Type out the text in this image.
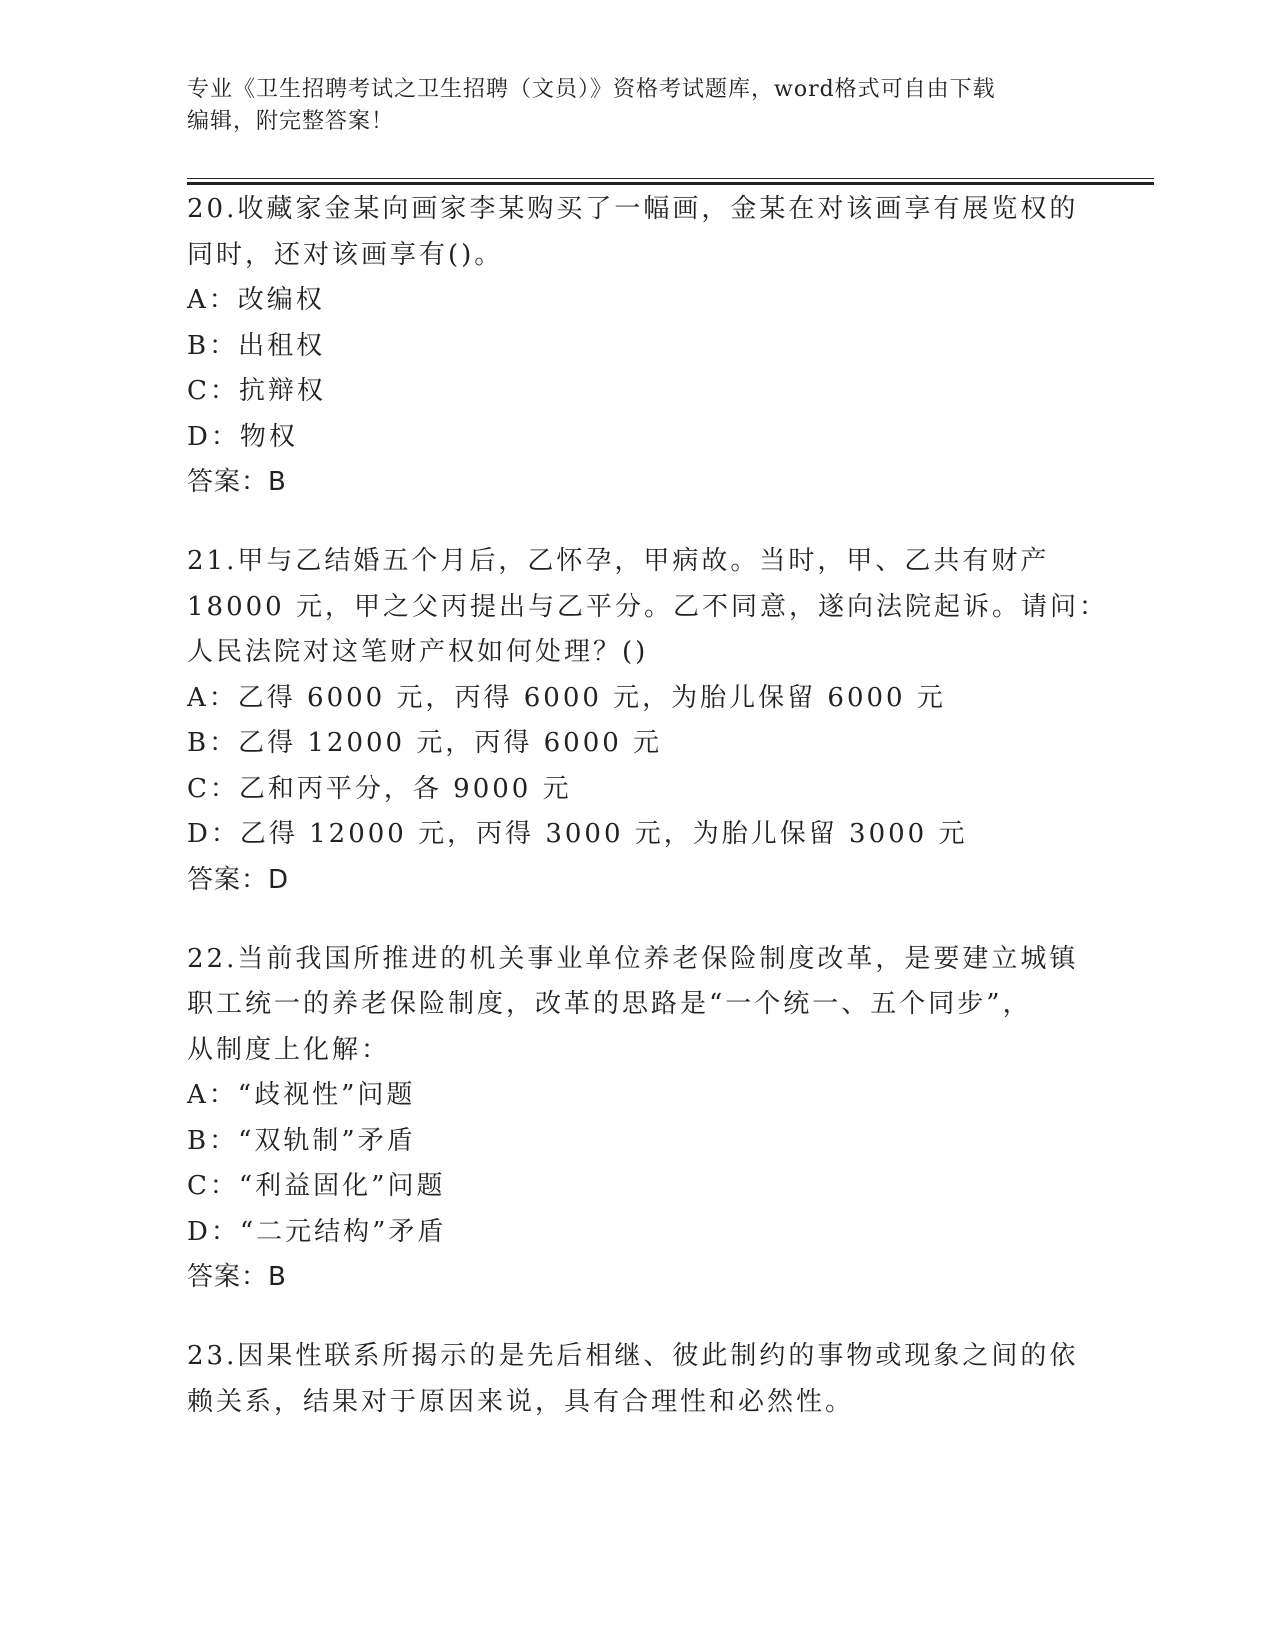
专业《卫生招聘考试之卫生招聘（文员）》资格考试题库，word格式可自由下载
编辑，附完整答案！
20.收藏家金某向画家李某购买了一幅画，金某在对该画享有展览权的
同时，还对该画享有()。
A：改编权
B：出租权
C：抗辩权
D：物权
答案：B
21.甲与乙结婚五个月后，乙怀孕，甲病故。当时，甲、乙共有财产
18000 元，甲之父丙提出与乙平分。乙不同意，遂向法院起诉。请问：
人民法院对这笔财产权如何处理？()
A：乙得 6000 元，丙得 6000 元，为胎儿保留 6000 元
B：乙得 12000 元，丙得 6000 元
C：乙和丙平分，各 9000 元
D：乙得 12000 元，丙得 3000 元，为胎儿保留 3000 元
答案：D
22.当前我国所推进的机关事业单位养老保险制度改革，是要建立城镇
职工统一的养老保险制度，改革的思路是“一个统一、五个同步”，
从制度上化解：
A：“歧视性”问题
B：“双轨制”矛盾
C：“利益固化”问题
D：“二元结构”矛盾
答案：B
23.因果性联系所揭示的是先后相继、彼此制约的事物或现象之间的依
赖关系，结果对于原因来说，具有合理性和必然性。
